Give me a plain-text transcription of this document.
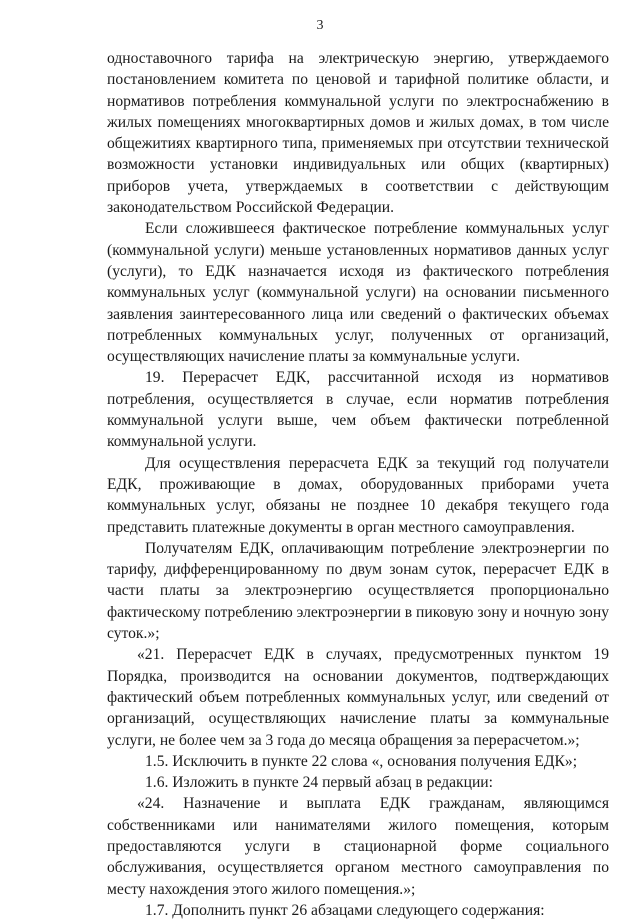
3

одноставочного тарифа на электрическую энергию, утверждаемого постановлением комитета по ценовой и тарифной политике области, и нормативов потребления коммунальной услуги по электроснабжению в жилых помещениях многоквартирных домов и жилых домах, в том числе общежитиях квартирного типа, применяемых при отсутствии технической возможности установки индивидуальных или общих (квартирных) приборов учета, утверждаемых в соответствии с действующим законодательством Российской Федерации.

Если сложившееся фактическое потребление коммунальных услуг (коммунальной услуги) меньше установленных нормативов данных услуг (услуги), то ЕДК назначается исходя из фактического потребления коммунальных услуг (коммунальной услуги) на основании письменного заявления заинтересованного лица или сведений о фактических объемах потребленных коммунальных услуг, полученных от организаций, осуществляющих начисление платы за коммунальные услуги.

19. Перерасчет ЕДК, рассчитанной исходя из нормативов потребления, осуществляется в случае, если норматив потребления коммунальной услуги выше, чем объем фактически потребленной коммунальной услуги.

Для осуществления перерасчета ЕДК за текущий год получатели ЕДК, проживающие в домах, оборудованных приборами учета коммунальных услуг, обязаны не позднее 10 декабря текущего года представить платежные документы в орган местного самоуправления.

Получателям ЕДК, оплачивающим потребление электроэнергии по тарифу, дифференцированному по двум зонам суток, перерасчет ЕДК в части платы за электроэнергию осуществляется пропорционально фактическому потреблению электроэнергии в пиковую зону и ночную зону суток.»;

«21. Перерасчет ЕДК в случаях, предусмотренных пунктом 19 Порядка, производится на основании документов, подтверждающих фактический объем потребленных коммунальных услуг, или сведений от организаций, осуществляющих начисление платы за коммунальные услуги, не более чем за 3 года до месяца обращения за перерасчетом.»;

1.5. Исключить в пункте 22 слова «, основания получения ЕДК»;

1.6. Изложить в пункте 24 первый абзац в редакции:

«24. Назначение и выплата ЕДК гражданам, являющимся собственниками или нанимателями жилого помещения, которым предоставляются услуги в стационарной форме социального обслуживания, осуществляется органом местного самоуправления по месту нахождения этого жилого помещения.»;

1.7. Дополнить пункт 26 абзацами следующего содержания:
